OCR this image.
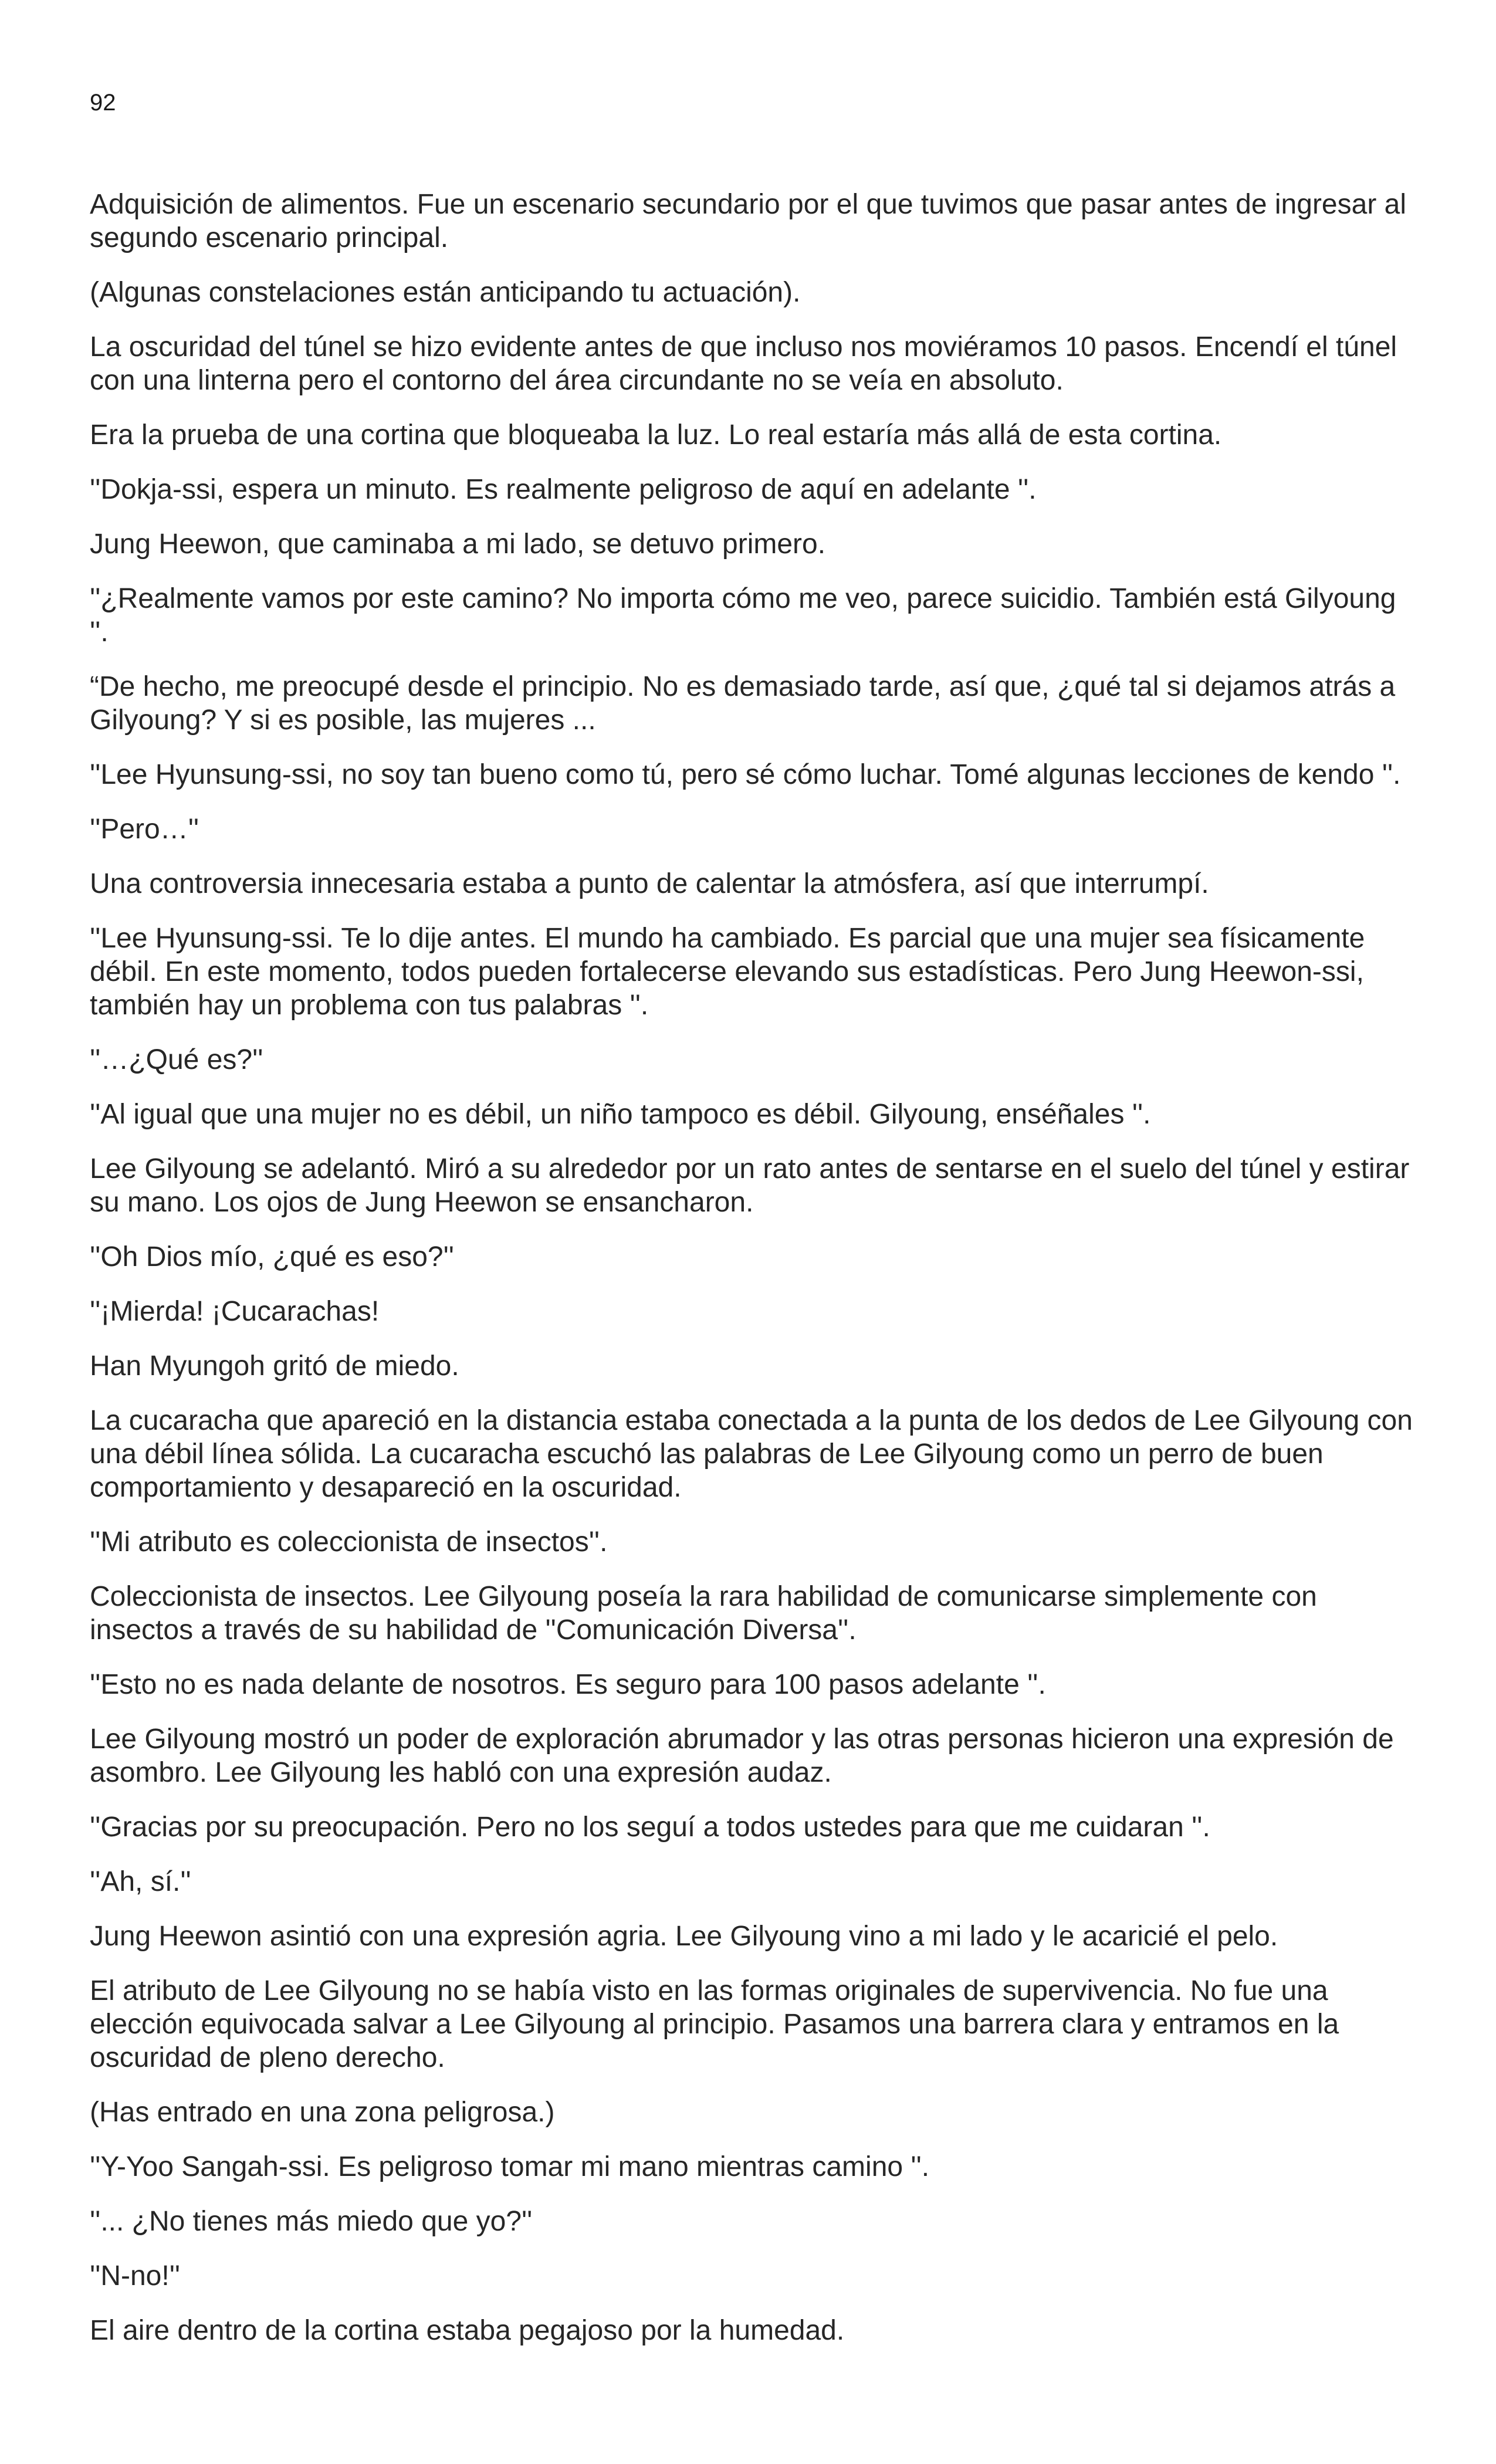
92

Adquisición de alimentos. Fue un escenario secundario por el que tuvimos que pasar antes de ingresar al segundo escenario principal.

(Algunas constelaciones están anticipando tu actuación).

La oscuridad del túnel se hizo evidente antes de que incluso nos moviéramos 10 pasos. Encendí el túnel con una linterna pero el contorno del área circundante no se veía en absoluto.

Era la prueba de una cortina que bloqueaba la luz. Lo real estaría más allá de esta cortina.

''Dokja-ssi, espera un minuto. Es realmente peligroso de aquí en adelante ''.

Jung Heewon, que caminaba a mi lado, se detuvo primero.

''¿Realmente vamos por este camino? No importa cómo me veo, parece suicidio. También está Gilyoung ''.

“De hecho, me preocupé desde el principio. No es demasiado tarde, así que, ¿qué tal si dejamos atrás a Gilyoung? Y si es posible, las mujeres ...

''Lee Hyunsung-ssi, no soy tan bueno como tú, pero sé cómo luchar. Tomé algunas lecciones de kendo ''.

''Pero…''

Una controversia innecesaria estaba a punto de calentar la atmósfera, así que interrumpí.

''Lee Hyunsung-ssi. Te lo dije antes. El mundo ha cambiado. Es parcial que una mujer sea físicamente débil. En este momento, todos pueden fortalecerse elevando sus estadísticas. Pero Jung Heewon-ssi, también hay un problema con tus palabras ''.

''…¿Qué es?''

''Al igual que una mujer no es débil, un niño tampoco es débil. Gilyoung, enséñales ''.

Lee Gilyoung se adelantó. Miró a su alrededor por un rato antes de sentarse en el suelo del túnel y estirar su mano. Los ojos de Jung Heewon se ensancharon.

''Oh Dios mío, ¿qué es eso?''

''¡Mierda! ¡Cucarachas!

Han Myungoh gritó de miedo.

La cucaracha que apareció en la distancia estaba conectada a la punta de los dedos de Lee Gilyoung con una débil línea sólida. La cucaracha escuchó las palabras de Lee Gilyoung como un perro de buen comportamiento y desapareció en la oscuridad.

''Mi atributo es coleccionista de insectos''.

Coleccionista de insectos. Lee Gilyoung poseía la rara habilidad de comunicarse simplemente con insectos a través de su habilidad de ''Comunicación Diversa''.

''Esto no es nada delante de nosotros. Es seguro para 100 pasos adelante ''.

Lee Gilyoung mostró un poder de exploración abrumador y las otras personas hicieron una expresión de asombro. Lee Gilyoung les habló con una expresión audaz.

''Gracias por su preocupación. Pero no los seguí a todos ustedes para que me cuidaran ''.

''Ah, sí.''

Jung Heewon asintió con una expresión agria. Lee Gilyoung vino a mi lado y le acaricié el pelo.

El atributo de Lee Gilyoung no se había visto en las formas originales de supervivencia. No fue una elección equivocada salvar a Lee Gilyoung al principio. Pasamos una barrera clara y entramos en la oscuridad de pleno derecho.

(Has entrado en una zona peligrosa.)

''Y-Yoo Sangah-ssi. Es peligroso tomar mi mano mientras camino ''.

''... ¿No tienes más miedo que yo?''

''N-no!''

El aire dentro de la cortina estaba pegajoso por la humedad.
